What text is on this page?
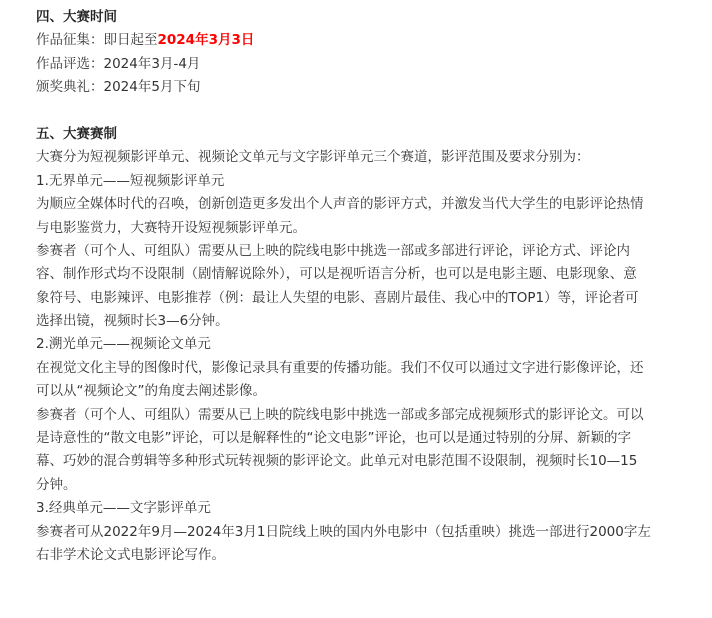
四、大赛时间
作品征集：即日起至2024年3月3日
作品评选：2024年3月-4月
颁奖典礼：2024年5月下旬
五、大赛赛制
大赛分为短视频影评单元、视频论文单元与文字影评单元三个赛道，影评范围及要求分别为：
1.无界单元——短视频影评单元
为顺应全媒体时代的召唤，创新创造更多发出个人声音的影评方式，并激发当代大学生的电影评论热情
与电影鉴赏力，大赛特开设短视频影评单元。
参赛者（可个人、可组队）需要从已上映的院线电影中挑选一部或多部进行评论，评论方式、评论内
容、制作形式均不设限制（剧情解说除外），可以是视听语言分析，也可以是电影主题、电影现象、意
象符号、电影辣评、电影推荐（例：最让人失望的电影、喜剧片最佳、我心中的TOP1）等，评论者可
选择出镜，视频时长3—6分钟。
2.溯光单元——视频论文单元
在视觉文化主导的图像时代，影像记录具有重要的传播功能。我们不仅可以通过文字进行影像评论，还
可以从“视频论文”的角度去阐述影像。
参赛者（可个人、可组队）需要从已上映的院线电影中挑选一部或多部完成视频形式的影评论文。可以
是诗意性的“散文电影”评论，可以是解释性的“论文电影”评论，也可以是通过特别的分屏、新颖的字
幕、巧妙的混合剪辑等多种形式玩转视频的影评论文。此单元对电影范围不设限制，视频时长10—15
分钟。
3.经典单元——文字影评单元
参赛者可从2022年9月—2024年3月1日院线上映的国内外电影中（包括重映）挑选一部进行2000字左
右非学术论文式电影评论写作。
